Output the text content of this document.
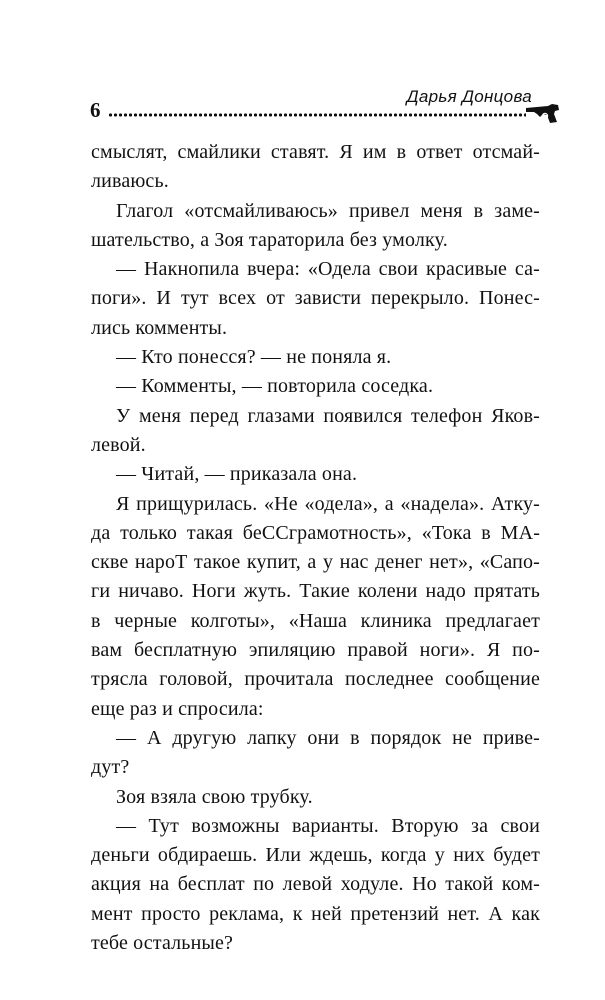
6
Дарья Донцова
смыслят, смайлики ставят. Я им в ответ отсмай-
ливаюсь.
Глагол «отсмайливаюсь» привел меня в заме-
шательство, а Зоя тараторила без умолку.
— Накнопила вчера: «Одела свои красивые са-
поги». И тут всех от зависти перекрыло. Понес-
лись комменты.
— Кто понесся? — не поняла я.
— Комменты, — повторила соседка.
У меня перед глазами появился телефон Яков-
левой.
— Читай, — приказала она.
Я прищурилась. «Не «одела», а «надела». Атку-
да только такая беССграмотность», «Тока в МА-
скве нароТ такое купит, а у нас денег нет», «Сапо-
ги ничаво. Ноги жуть. Такие колени надо прятать
в черные колготы», «Наша клиника предлагает
вам бесплатную эпиляцию правой ноги». Я по-
трясла головой, прочитала последнее сообщение
еще раз и спросила:
— А другую лапку они в порядок не приве-
дут?
Зоя взяла свою трубку.
— Тут возможны варианты. Вторую за свои
деньги обдираешь. Или ждешь, когда у них будет
акция на бесплат по левой ходуле. Но такой ком-
мент просто реклама, к ней претензий нет. А как
тебе остальные?
